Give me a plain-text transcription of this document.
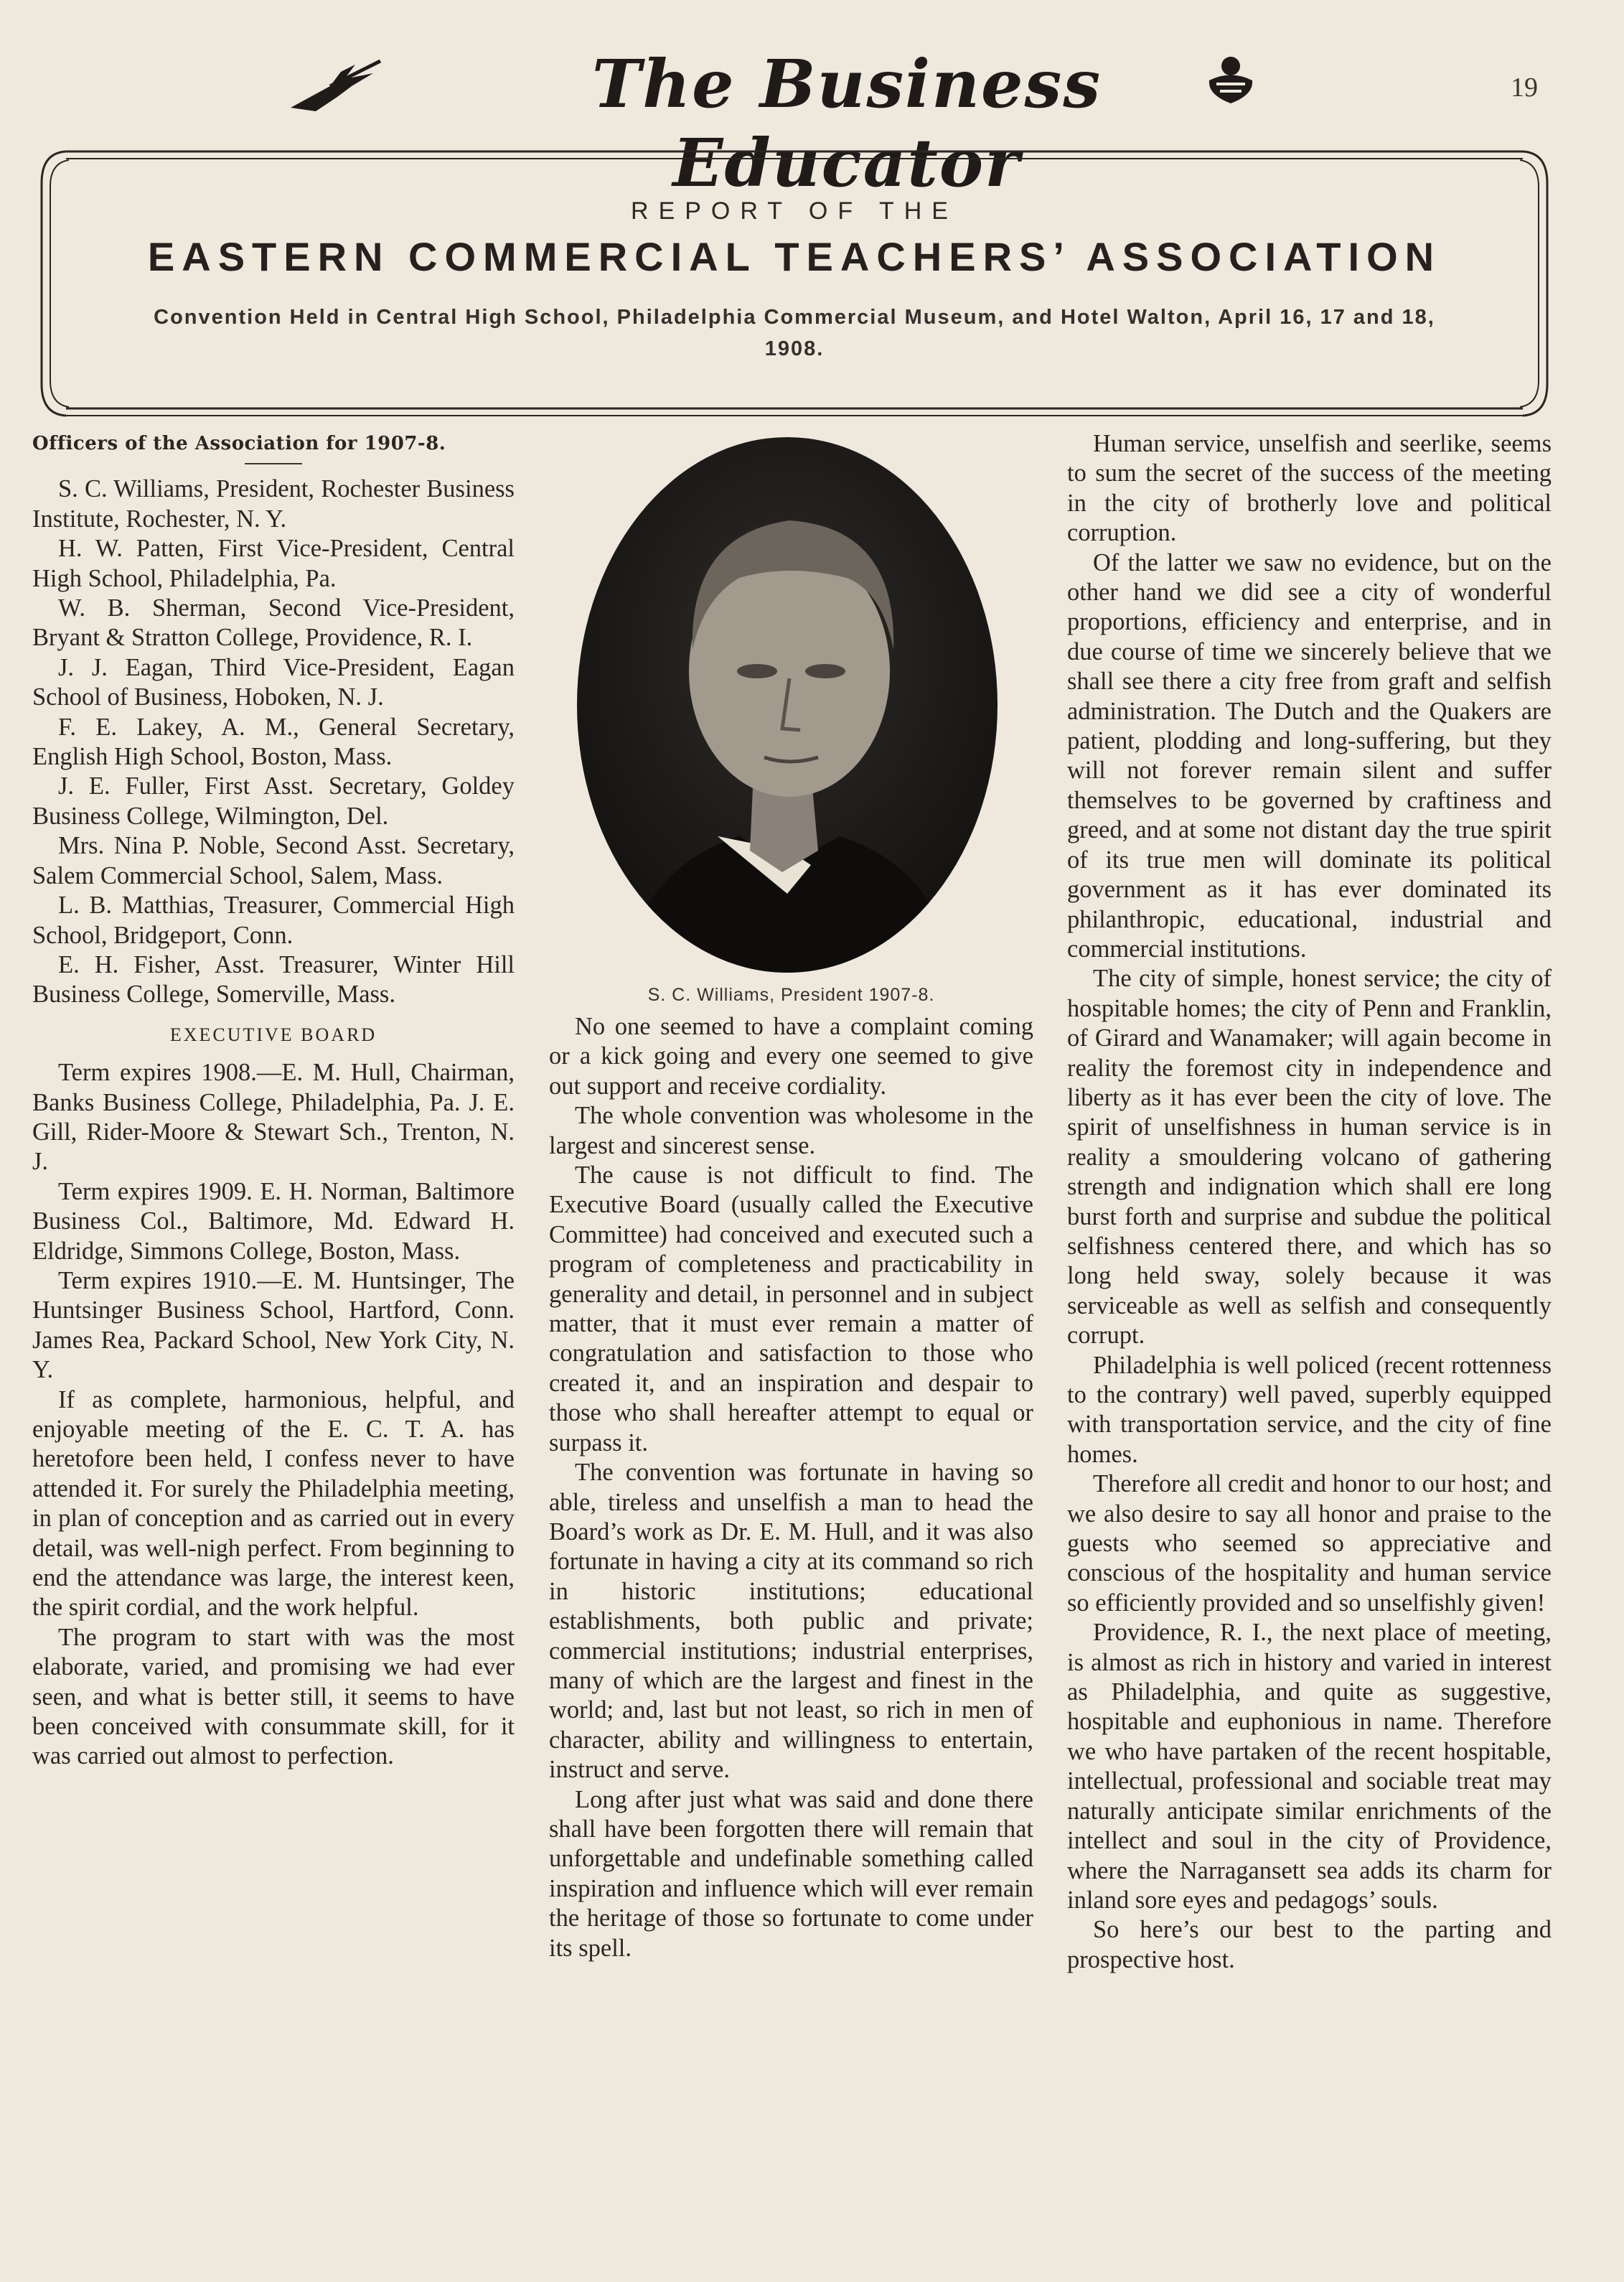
The Business Educator
19
REPORT OF THE
EASTERN COMMERCIAL TEACHERS’ ASSOCIATION
Convention Held in Central High School, Philadelphia Commercial Museum, and Hotel Walton, April 16, 17 and 18, 1908.

Officers of the Association for 1907-8.

S. C. Williams, President, Rochester Business Institute, Rochester, N. Y.

H. W. Patten, First Vice-President, Central High School, Philadelphia, Pa.

W. B. Sherman, Second Vice-President, Bryant & Stratton College, Providence, R. I.

J. J. Eagan, Third Vice-President, Eagan School of Business, Hoboken, N. J.

F. E. Lakey, A. M., General Secretary, English High School, Boston, Mass.

J. E. Fuller, First Asst. Secretary, Goldey Business College, Wilmington, Del.

Mrs. Nina P. Noble, Second Asst. Secretary, Salem Commercial School, Salem, Mass.

L. B. Matthias, Treasurer, Commercial High School, Bridgeport, Conn.

E. H. Fisher, Asst. Treasurer, Winter Hill Business College, Somerville, Mass.

EXECUTIVE BOARD

Term expires 1908.—E. M. Hull, Chairman, Banks Business College, Philadelphia, Pa. J. E. Gill, Rider-Moore & Stewart Sch., Trenton, N. J.

Term expires 1909. E. H. Norman, Baltimore Business Col., Baltimore, Md. Edward H. Eldridge, Simmons College, Boston, Mass.

Term expires 1910.—E. M. Huntsinger, The Huntsinger Business School, Hartford, Conn. James Rea, Packard School, New York City, N. Y.

If as complete, harmonious, helpful, and enjoyable meeting of the E. C. T. A. has heretofore been held, I confess never to have attended it. For surely the Philadelphia meeting, in plan of conception and as carried out in every detail, was well-nigh perfect. From beginning to end the attendance was large, the interest keen, the spirit cordial, and the work helpful.

The program to start with was the most elaborate, varied, and promising we had ever seen, and what is better still, it seems to have been conceived with consummate skill, for it was carried out almost to perfection.

S. C. Williams, President 1907-8.

No one seemed to have a complaint coming or a kick going and every one seemed to give out support and receive cordiality.

The whole convention was wholesome in the largest and sincerest sense.

The cause is not difficult to find. The Executive Board (usually called the Executive Committee) had conceived and executed such a program of completeness and practicability in generality and detail, in personnel and in subject matter, that it must ever remain a matter of congratulation and satisfaction to those who created it, and an inspiration and despair to those who shall hereafter attempt to equal or surpass it.

The convention was fortunate in having so able, tireless and unselfish a man to head the Board’s work as Dr. E. M. Hull, and it was also fortunate in having a city at its command so rich in historic institutions; educational establishments, both public and private; commercial institutions; industrial enterprises, many of which are the largest and finest in the world; and, last but not least, so rich in men of character, ability and willingness to entertain, instruct and serve.

Long after just what was said and done there shall have been forgotten there will remain that unforgettable and undefinable something called inspiration and influence which will ever remain the heritage of those so fortunate to come under its spell.

Human service, unselfish and seerlike, seems to sum the secret of the success of the meeting in the city of brotherly love and political corruption.

Of the latter we saw no evidence, but on the other hand we did see a city of wonderful proportions, efficiency and enterprise, and in due course of time we sincerely believe that we shall see there a city free from graft and selfish administration. The Dutch and the Quakers are patient, plodding and long-suffering, but they will not forever remain silent and suffer themselves to be governed by craftiness and greed, and at some not distant day the true spirit of its true men will dominate its political government as it has ever dominated its philanthropic, educational, industrial and commercial institutions.

The city of simple, honest service; the city of hospitable homes; the city of Penn and Franklin, of Girard and Wanamaker; will again become in reality the foremost city in independence and liberty as it has ever been the city of love. The spirit of unselfishness in human service is in reality a smouldering volcano of gathering strength and indignation which shall ere long burst forth and surprise and subdue the political selfishness centered there, and which has so long held sway, solely because it was serviceable as well as selfish and consequently corrupt.

Philadelphia is well policed (recent rottenness to the contrary) well paved, superbly equipped with transportation service, and the city of fine homes.

Therefore all credit and honor to our host; and we also desire to say all honor and praise to the guests who seemed so appreciative and conscious of the hospitality and human service so efficiently provided and so unselfishly given!

Providence, R. I., the next place of meeting, is almost as rich in history and varied in interest as Philadelphia, and quite as suggestive, hospitable and euphonious in name. Therefore we who have partaken of the recent hospitable, intellectual, professional and sociable treat may naturally anticipate similar enrichments of the intellect and soul in the city of Providence, where the Narragansett sea adds its charm for inland sore eyes and pedagogs’ souls.

So here’s our best to the parting and prospective host.
